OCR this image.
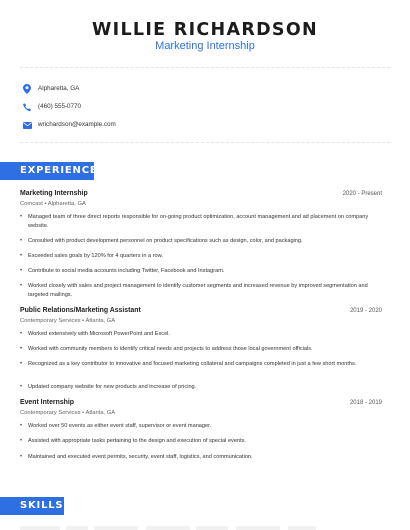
WILLIE RICHARDSON
Marketing Internship
Alpharetta, GA
(460) 555-0770
wrichardson@example.com
EXPERIENCE
Marketing Internship	2020 - Present
Comcast • Alpharetta, GA
•	Managed team of three direct reports responsible for on-going product optimization, account management and ad placement on company website.
•	Consulted with product development personnel on product specifications such as design, color, and packaging.
•	Exceeded sales goals by 120% for 4 quarters in a row.
•	Contribute to social media accounts including Twitter, Facebook and Instagram.
•	Worked closely with sales and project management to identify customer segments and increased revenue by improved segmentation and targeted mailings.
Public Relations/Marketing Assistant	2019 - 2020
Contemporary Services • Atlanta, GA
•	Worked extensively with Microsoft PowerPoint and Excel.
•	Worked with community members to identify critical needs and projects to address those local government officials.
•	Recognized as a key contributor to innovative and focused marketing collateral and campaigns completed in just a few short months.
•	Updated company website for new products and increase of pricing.
Event Internship	2018 - 2019
Contemporary Services • Atlanta, GA
•	Worked over 50 events as either event staff, supervisor or event manager.
•	Assisted with appropriate tasks pertaining to the design and execution of special events.
•	Maintained and executed event permits, security, event staff, logistics, and communication.
SKILLS
